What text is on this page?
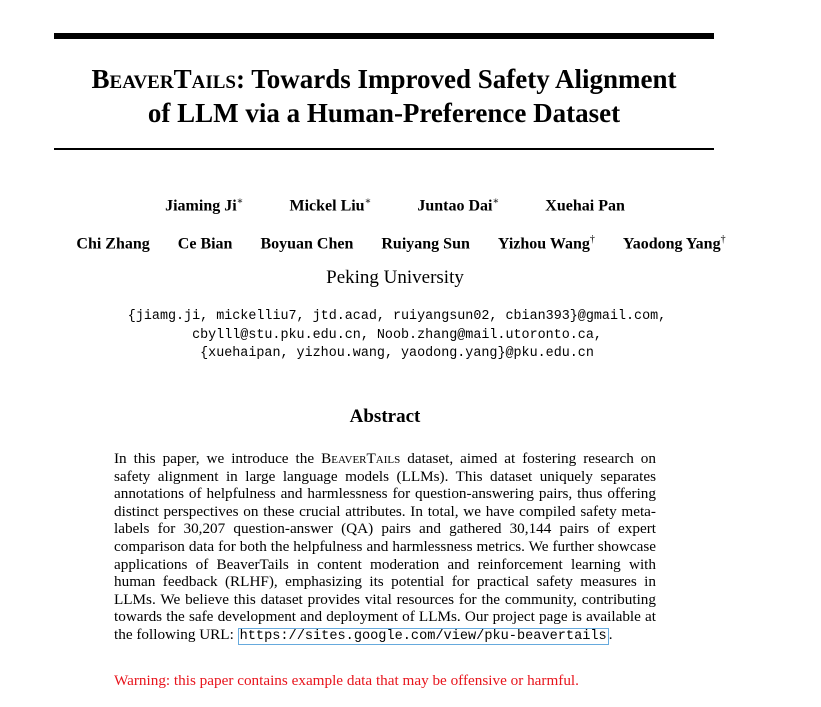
BeaverTails: Towards Improved Safety Alignment
of LLM via a Human-Preference Dataset
Jiaming Ji∗	Mickel Liu∗	Juntao Dai∗	Xuehai Pan
Chi Zhang Ce Bian Boyuan Chen Ruiyang Sun Yizhou Wang† Yaodong Yang†
Peking University
{jiamg.ji, mickelliu7, jtd.acad, ruiyangsun02, cbian393}@gmail.com,
cbylll@stu.pku.edu.cn, Noob.zhang@mail.utoronto.ca,
{xuehaipan, yizhou.wang, yaodong.yang}@pku.edu.cn
Abstract
In this paper, we introduce the BeaverTails dataset, aimed at fostering research on safety alignment in large language models (LLMs). This dataset uniquely separates annotations of helpfulness and harmlessness for question-answering pairs, thus offering distinct perspectives on these crucial attributes. In total, we have compiled safety meta-labels for 30,207 question-answer (QA) pairs and gathered 30,144 pairs of expert comparison data for both the helpfulness and harmlessness metrics. We further showcase applications of BeaverTails in content moderation and reinforcement learning with human feedback (RLHF), emphasizing its potential for practical safety measures in LLMs. We believe this dataset provides vital resources for the community, contributing towards the safe development and deployment of LLMs. Our project page is available at the following URL: https://sites.google.com/view/pku-beavertails .
Warning: this paper contains example data that may be offensive or harmful.
